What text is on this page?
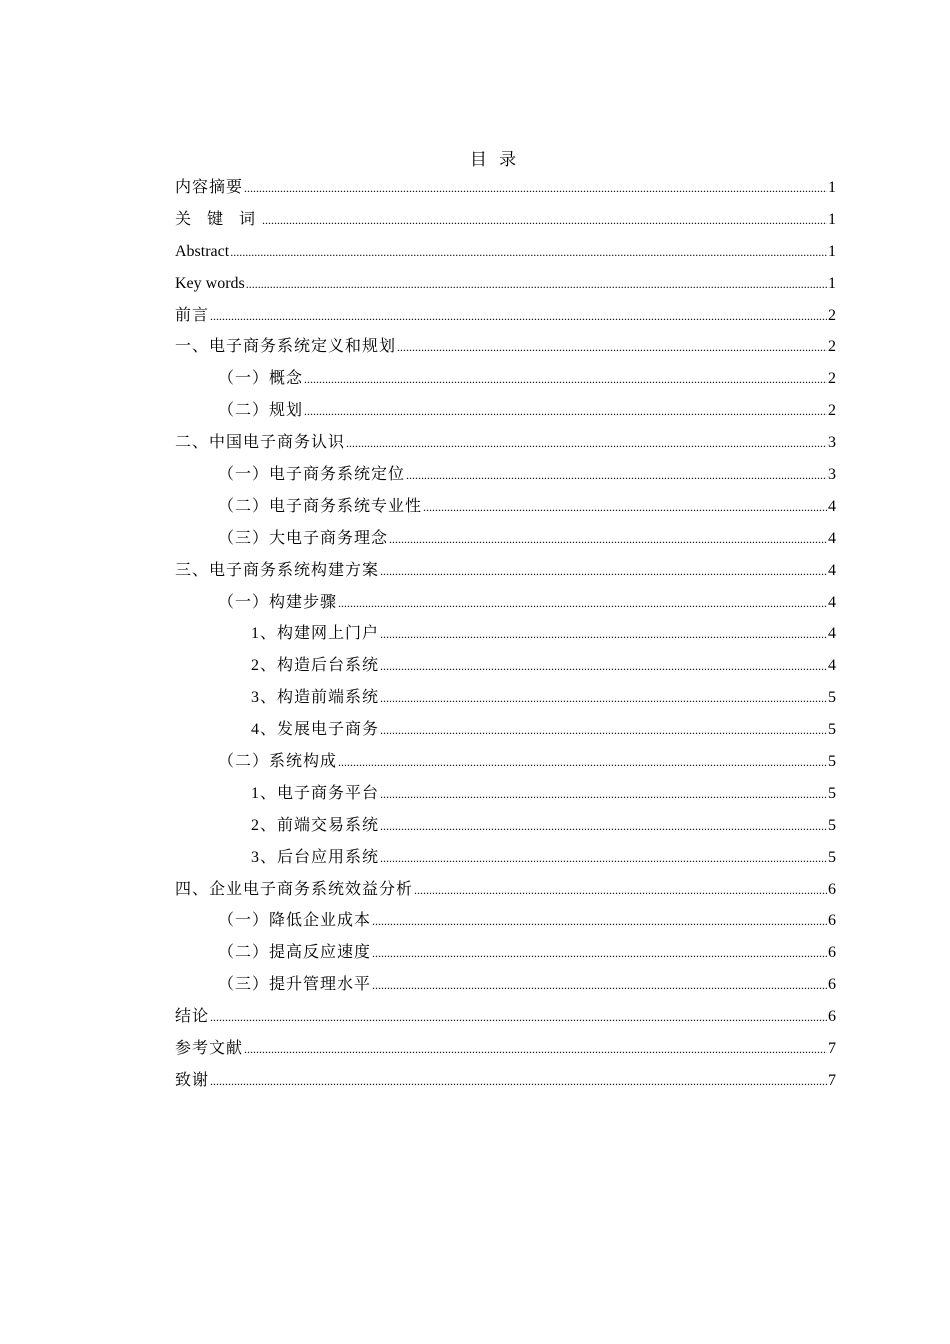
目 录
内容摘要 .....	1
关 键 词 .....	1
Abstract .....	1
Key words .....	1
前言 .....	2
一、电子商务系统定义和规划 .....	2
（一）概念 .....	2
（二）规划 .....	2
二、中国电子商务认识 .....	3
（一）电子商务系统定位 .....	3
（二）电子商务系统专业性 .....	4
（三）大电子商务理念 .....	4
三、电子商务系统构建方案 .....	4
（一）构建步骤 .....	4
1、构建网上门户 .....	4
2、构造后台系统 .....	4
3、构造前端系统 .....	5
4、发展电子商务 .....	5
（二）系统构成 .....	5
1、电子商务平台 .....	5
2、前端交易系统 .....	5
3、后台应用系统 .....	5
四、企业电子商务系统效益分析 .....	6
（一）降低企业成本 .....	6
（二）提高反应速度 .....	6
（三）提升管理水平 .....	6
结论 .....	6
参考文献 .....	7
致谢 .....	7
